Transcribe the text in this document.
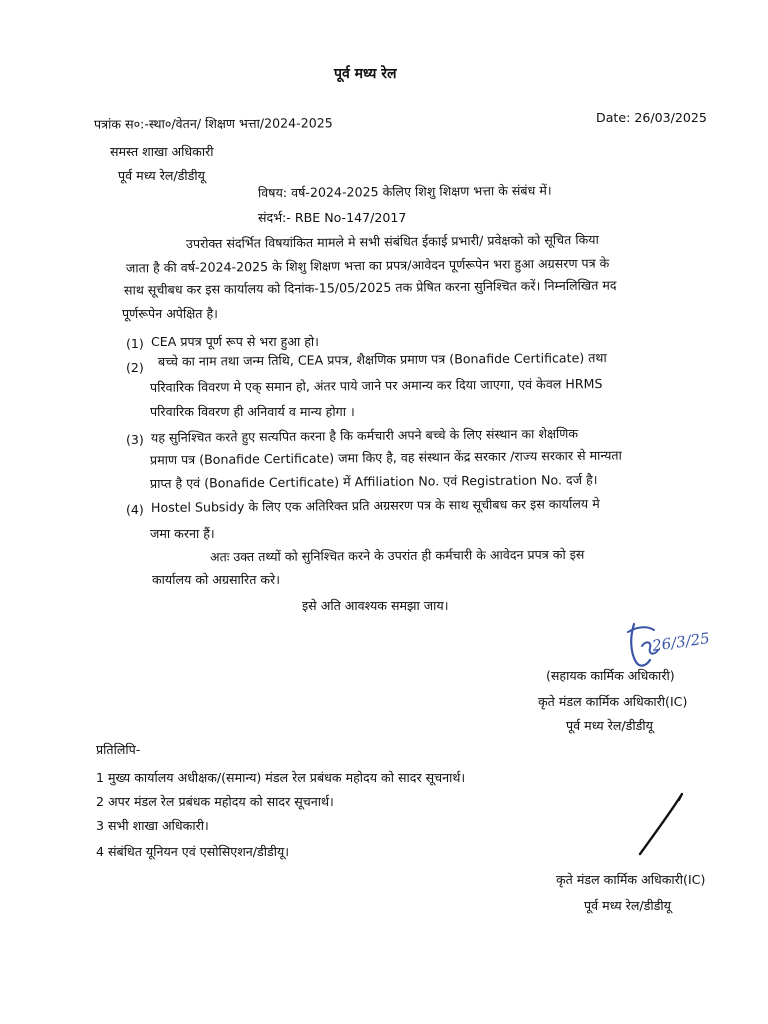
पूर्व मध्य रेल
Date: 26/03/2025
पत्रांक स०:-स्था०/वेतन/ शिक्षण भत्ता/2024-2025
समस्त शाखा अधिकारी
पूर्व मध्य रेल/डीडीयू
विषय: वर्ष-2024-2025 केलिए शिशु शिक्षण भत्ता के संबंध में।
संदर्भ:- RBE No-147/2017
उपरोक्त संदर्भित विषयांकित मामले मे सभी संबंधित ईकाई प्रभारी/ प्रवेक्षको को सूचित किया
जाता है की वर्ष-2024-2025 के शिशु शिक्षण भत्ता का प्रपत्र/आवेदन पूर्णरूपेन भरा हुआ अग्रसरण पत्र के
साथ सूचीबध कर इस कार्यालय को दिनांक-15/05/2025 तक प्रेषित करना सुनिश्चित करें। निम्नलिखित मद
पूर्णरूपेन अपेक्षित है।
(1) CEA प्रपत्र पूर्ण रूप से भरा हुआ हो।
(2) बच्चे का नाम तथा जन्म तिथि, CEA प्रपत्र, शैक्षणिक प्रमाण पत्र (Bonafide Certificate) तथा
परिवारिक विवरण मे एक् समान हो, अंतर पाये जाने पर अमान्य कर दिया जाएगा, एवं केवल HRMS
परिवारिक विवरण ही अनिवार्य व मान्य होगा ।
(3) यह सुनिश्चित करते हुए सत्यपित करना है कि कर्मचारी अपने बच्चे के लिए संस्थान का शेक्षणिक
प्रमाण पत्र (Bonafide Certificate) जमा किए है, वह संस्थान केंद्र सरकार /राज्य सरकार से मान्यता
प्राप्त है एवं (Bonafide Certificate) में Affiliation No. एवं Registration No. दर्ज है।
(4) Hostel Subsidy के लिए एक अतिरिक्त प्रति अग्रसरण पत्र के साथ सूचीबध कर इस कार्यालय मे
जमा करना हैं।
अतः उक्त तथ्यों को सुनिश्चित करने के उपरांत ही कर्मचारी के आवेदन प्रपत्र को इस
कार्यालय को अग्रसारित करे।
इसे अति आवश्यक समझा जाय।
26/3/25
(सहायक कार्मिक अधिकारी)
कृते मंडल कार्मिक अधिकारी(IC)
पूर्व मध्य रेल/डीडीयू
प्रतिलिपि-
1 मुख्य कार्यालय अधीक्षक/(समान्य) मंडल रेल प्रबंधक महोदय को सादर सूचनार्थ।
2 अपर मंडल रेल प्रबंधक महोदय को सादर सूचनार्थ।
3 सभी शाखा अधिकारी।
4 संबंधित यूनियन एवं एसोसिएशन/डीडीयू।
कृते मंडल कार्मिक अधिकारी(IC)
पूर्व मध्य रेल/डीडीयू
